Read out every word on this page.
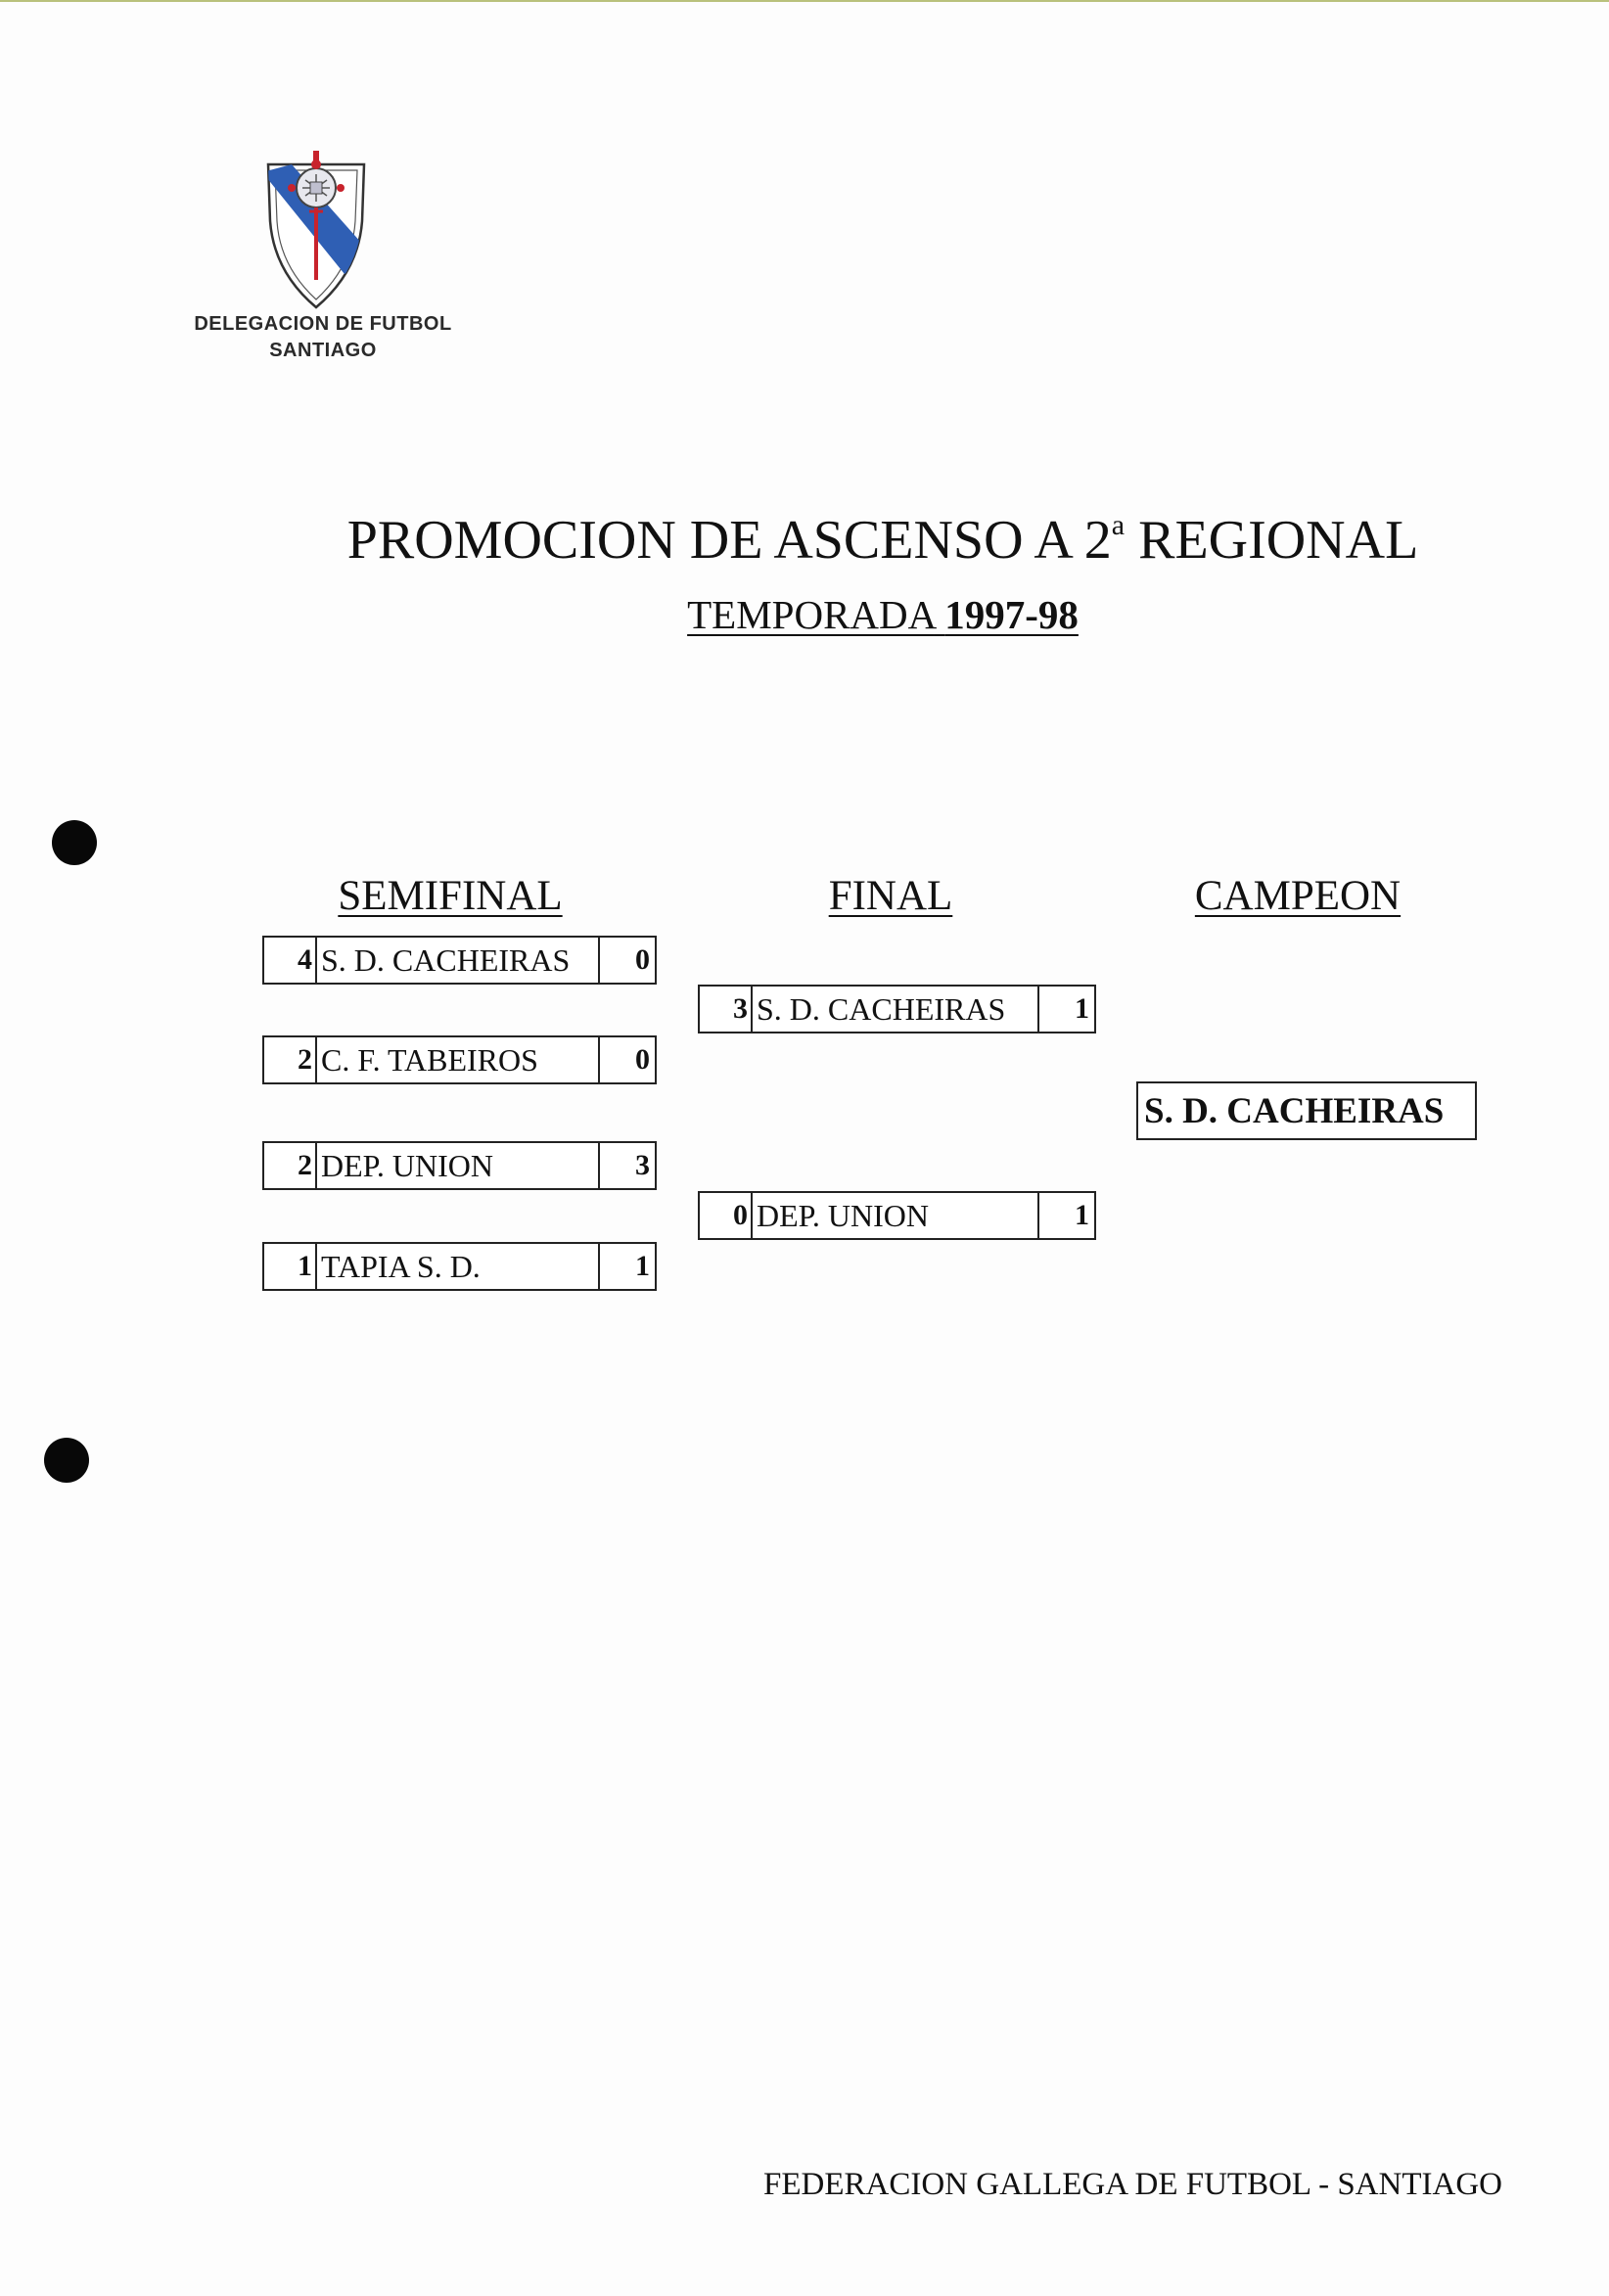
DELEGACION DE FUTBOL
SANTIAGO
PROMOCION DE ASCENSO A 2$^a$ REGIONAL
TEMPORADA 1997-98
SEMIFINAL	FINAL	CAMPEON
4 S. D. CACHEIRAS	0
2 C. F. TABEIROS	0
2 DEP. UNION	3
1 TAPIA S. D.	1
3 S. D. CACHEIRAS	1
0 DEP. UNION	1
S. D. CACHEIRAS
FEDERACION GALLEGA DE FUTBOL - SANTIAGO
